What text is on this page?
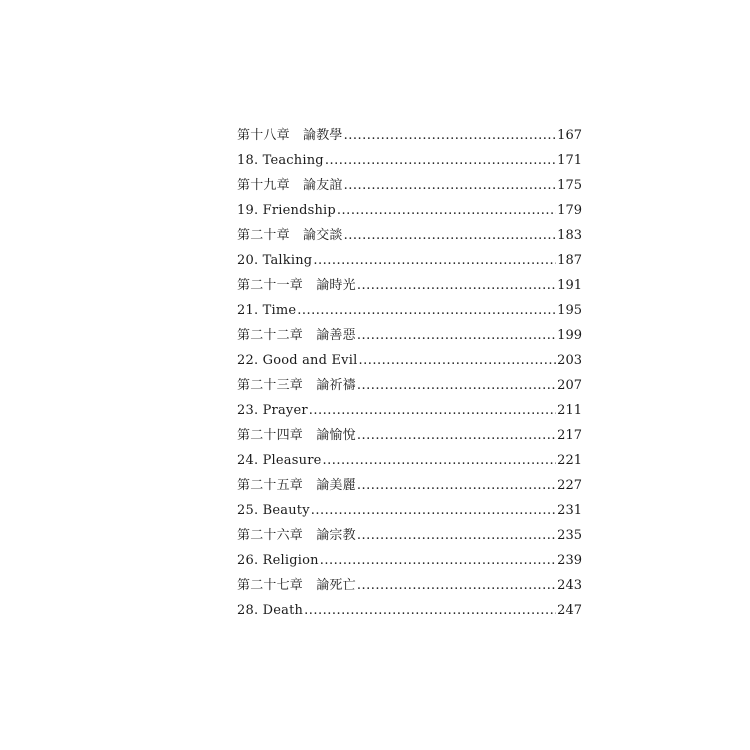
第十八章　論教學 .....	167
18. Teaching .....	171
第十九章　論友誼 .....	175
19. Friendship .....	179
第二十章　論交談 .....	183
20. Talking .....	187
第二十一章　論時光 .....	191
21. Time .....	195
第二十二章　論善惡 .....	199
22. Good and Evil .....	203
第二十三章　論祈禱 .....	207
23. Prayer .....	211
第二十四章　論愉悅 .....	217
24. Pleasure .....	221
第二十五章　論美麗 .....	227
25. Beauty .....	231
第二十六章　論宗教 .....	235
26. Religion .....	239
第二十七章　論死亡 .....	243
28. Death .....	247
